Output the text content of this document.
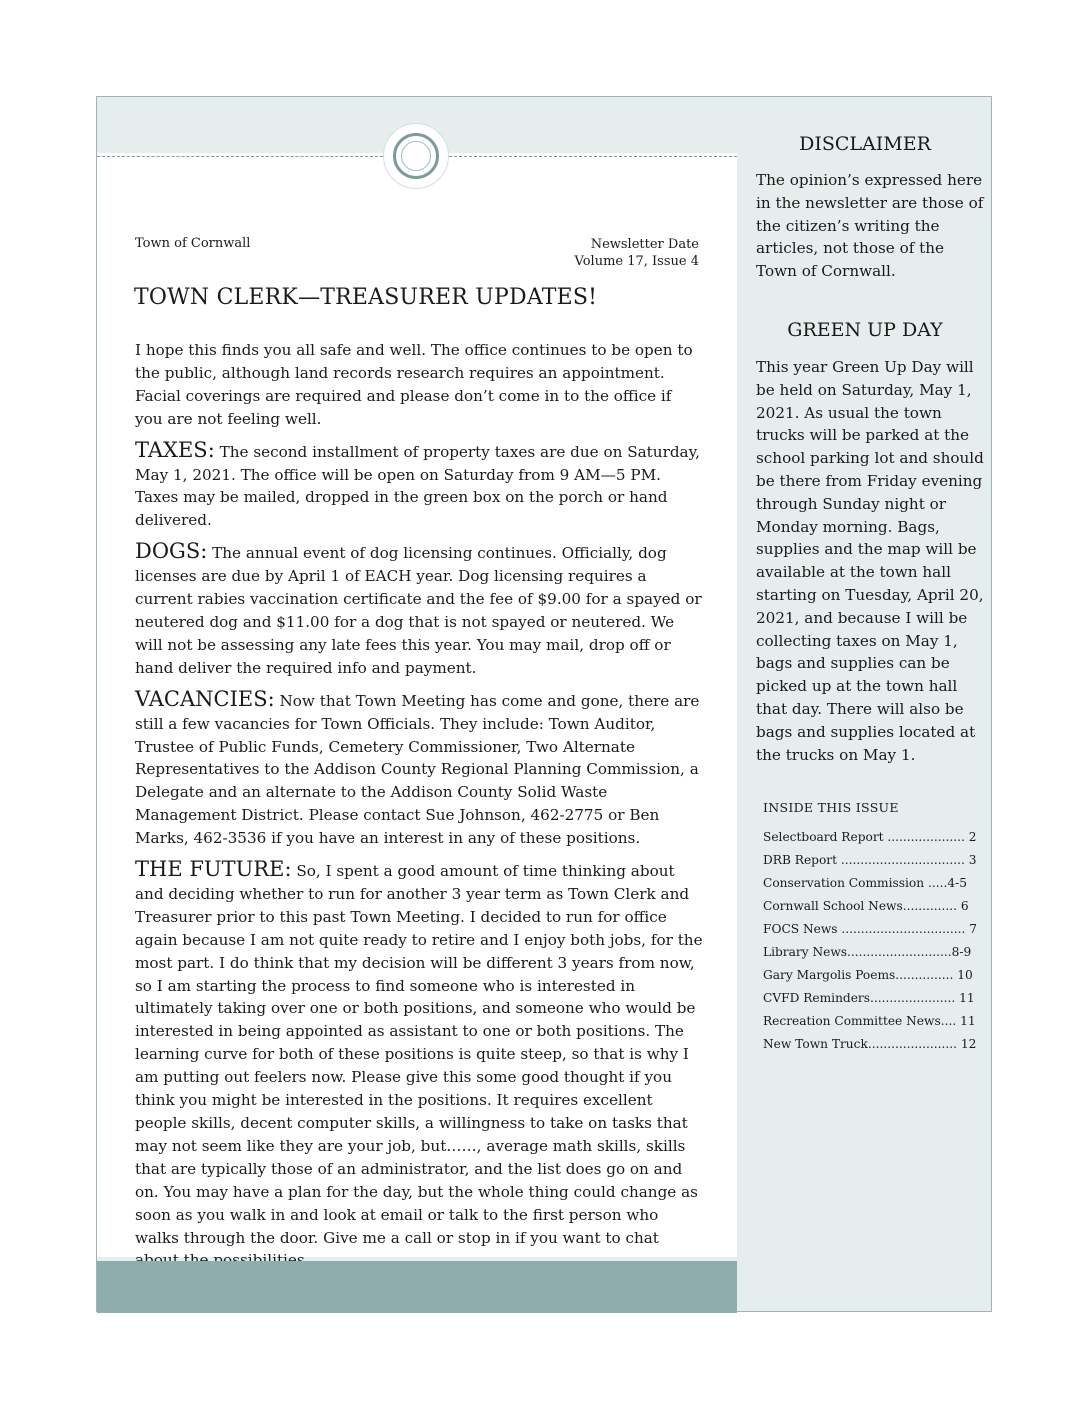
Town of Cornwall	Newsletter Date
Volume 17, Issue 4
TOWN CLERK—TREASURER UPDATES!

I hope this finds you all safe and well. The office continues to be open to the public, although land records research requires an appointment. Facial coverings are required and please don’t come in to the office if you are not feeling well.

TAXES: The second installment of property taxes are due on Saturday, May 1, 2021. The office will be open on Saturday from 9 AM—5 PM. Taxes may be mailed, dropped in the green box on the porch or hand delivered.

DOGS: The annual event of dog licensing continues. Officially, dog licenses are due by April 1 of EACH year. Dog licensing requires a current rabies vaccination certificate and the fee of $9.00 for a spayed or neutered dog and $11.00 for a dog that is not spayed or neutered. We will not be assessing any late fees this year. You may mail, drop off or hand deliver the required info and payment.

VACANCIES: Now that Town Meeting has come and gone, there are still a few vacancies for Town Officials. They include: Town Auditor, Trustee of Public Funds, Cemetery Commissioner, Two Alternate Representatives to the Addison County Regional Planning Commission, a Delegate and an alternate to the Addison County Solid Waste Management District. Please contact Sue Johnson, 462-2775 or Ben Marks, 462-3536 if you have an interest in any of these positions.

THE FUTURE: So, I spent a good amount of time thinking about and deciding whether to run for another 3 year term as Town Clerk and Treasurer prior to this past Town Meeting. I decided to run for office again because I am not quite ready to retire and I enjoy both jobs, for the most part. I do think that my decision will be different 3 years from now, so I am starting the process to find someone who is interested in ultimately taking over one or both positions, and someone who would be interested in being appointed as assistant to one or both positions. The learning curve for both of these positions is quite steep, so that is why I am putting out feelers now. Please give this some good thought if you think you might be interested in the positions. It requires excellent people skills, decent computer skills, a willingness to take on tasks that may not seem like they are your job, but……, average math skills, skills that are typically those of an administrator, and the list does go on and on. You may have a plan for the day, but the whole thing could change as soon as you walk in and look at email or talk to the first person who walks through the door. Give me a call or stop in if you want to chat

DISCLAIMER

The opinion’s expressed here in the newsletter are those of the citizen’s writing the articles, not those of the Town of Cornwall.

GREEN UP DAY

This year Green Up Day will be held on Saturday, May 1, 2021. As usual the town trucks will be parked at the school parking lot and should be there from Friday evening through Sunday night or Monday morning. Bags, supplies and the map will be available at the town hall starting on Tuesday, April 20, 2021, and because I will be collecting taxes on May 1, bags and supplies can be picked up at the town hall that day. There will also be bags and supplies located at the trucks on May 1.

INSIDE THIS ISSUE
Selectboard Report .................... 2
DRB Report ................................ 3
Conservation Commission .....4-5
Cornwall School News.............. 6
FOCS News ................................ 7
Library News...........................8-9
Gary Margolis Poems............... 10
CVFD Reminders...................... 11
Recreation Committee News.... 11
New Town Truck....................... 12
